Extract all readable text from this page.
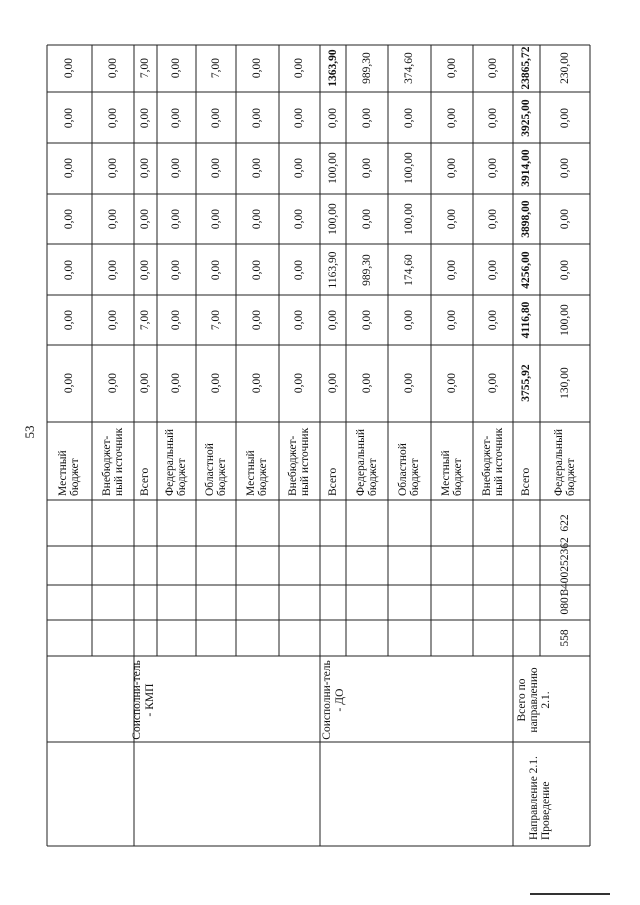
53
Соисполни-тель - КМП	Соисполни-тель - ДО	Всего по направлению 2.1.
Направление 2.1. Проведение
558
0801
3400252362
622
Местный бюджет Внебюджет-ный источник Всего Федеральный бюджет Областной бюджет Местный бюджет Внебюджет-ный источник Всего Федеральный бюджет Областной бюджет Местный бюджет Внебюджет-ный источник Всего Федеральный бюджет
0,00
0,00
0,00
0,00
0,00
0,00
0,00
0,00
0,00
0,00
0,00
0,00
0,00
0,00
0,00
7,00
0,00
0,00
0,00
0,00
7,00
0,00
0,00
0,00
0,00
0,00
0,00
0,00
0,00
7,00
0,00
0,00
0,00
0,00
7,00
0,00
0,00
0,00
0,00
0,00
0,00
0,00
0,00
0,00
0,00
0,00
0,00
0,00
0,00
0,00
0,00
1163,90
100,00
100,00
0,00
1363,90
0,00
0,00
989,30
0,00
0,00
0,00
989,30
0,00
0,00
174,60
100,00
100,00
0,00
374,60
0,00
0,00
0,00
0,00
0,00
0,00
0,00
0,00
0,00
0,00
0,00
0,00
0,00
0,00
3755,92
4116,80
4256,00
3898,00
3914,00
3925,00
23865,72
130,00
100,00
0,00
0,00
0,00
0,00
230,00
